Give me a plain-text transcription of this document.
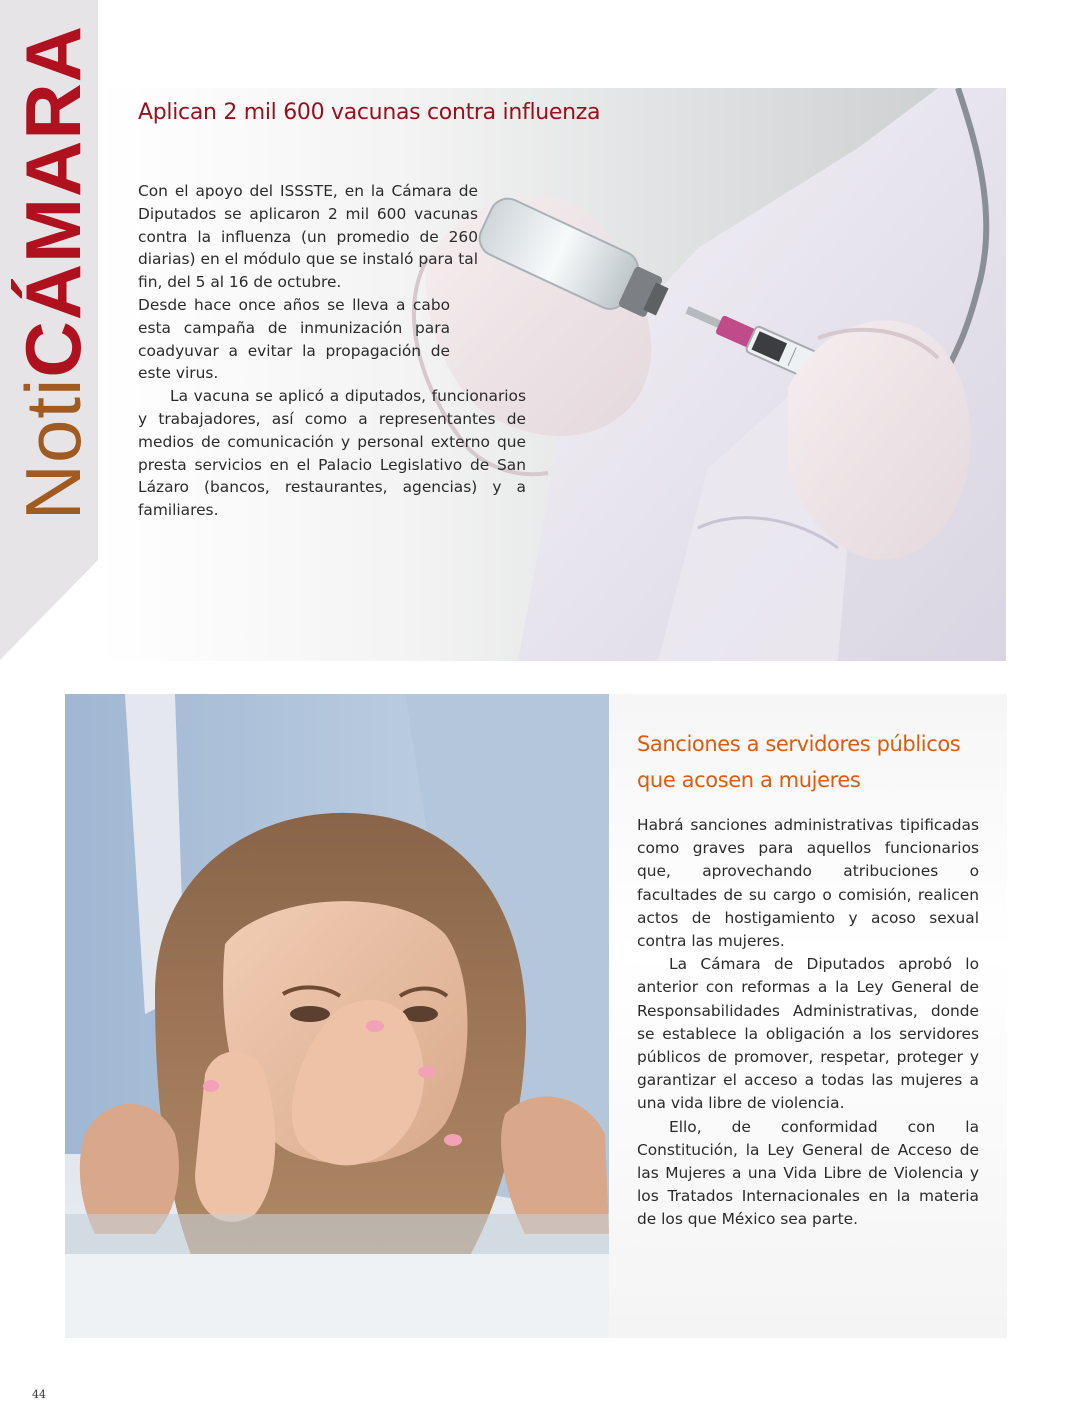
NotiCÁMARA Aplican 2 mil 600 vacunas contra influenza

Con el apoyo del ISSSTE, en la Cámara de Diputados se aplicaron 2 mil 600 vacunas contra la influenza (un promedio de 260 diarias) en el módulo que se instaló para tal fin, del 5 al 16 de octubre.

Desde hace once años se lleva a cabo esta campaña de inmunización para coadyuvar a evitar la propagación de este virus.

La vacuna se aplicó a diputados, funcionarios y trabajadores, así como a representantes de medios de comunicación y personal externo que presta servicios en el Palacio Legislativo de San Lázaro (bancos, restaurantes, agencias) y a familiares.

Sanciones a servidores públicos que acosen a mujeres

Habrá sanciones administrativas tipificadas como graves para aquellos funcionarios que, aprovechando atribuciones o facultades de su cargo o comisión, realicen actos de hostigamiento y acoso sexual contra las mujeres.

La Cámara de Diputados aprobó lo anterior con reformas a la Ley General de Responsabilidades Administrativas, donde se establece la obligación a los servidores públicos de promover, respetar, proteger y garantizar el acceso a todas las mujeres a una vida libre de violencia.

Ello, de conformidad con la Constitución, la Ley General de Acceso de las Mujeres a una Vida Libre de Violencia y los Tratados Internacionales en la materia de los que México sea parte.

44
